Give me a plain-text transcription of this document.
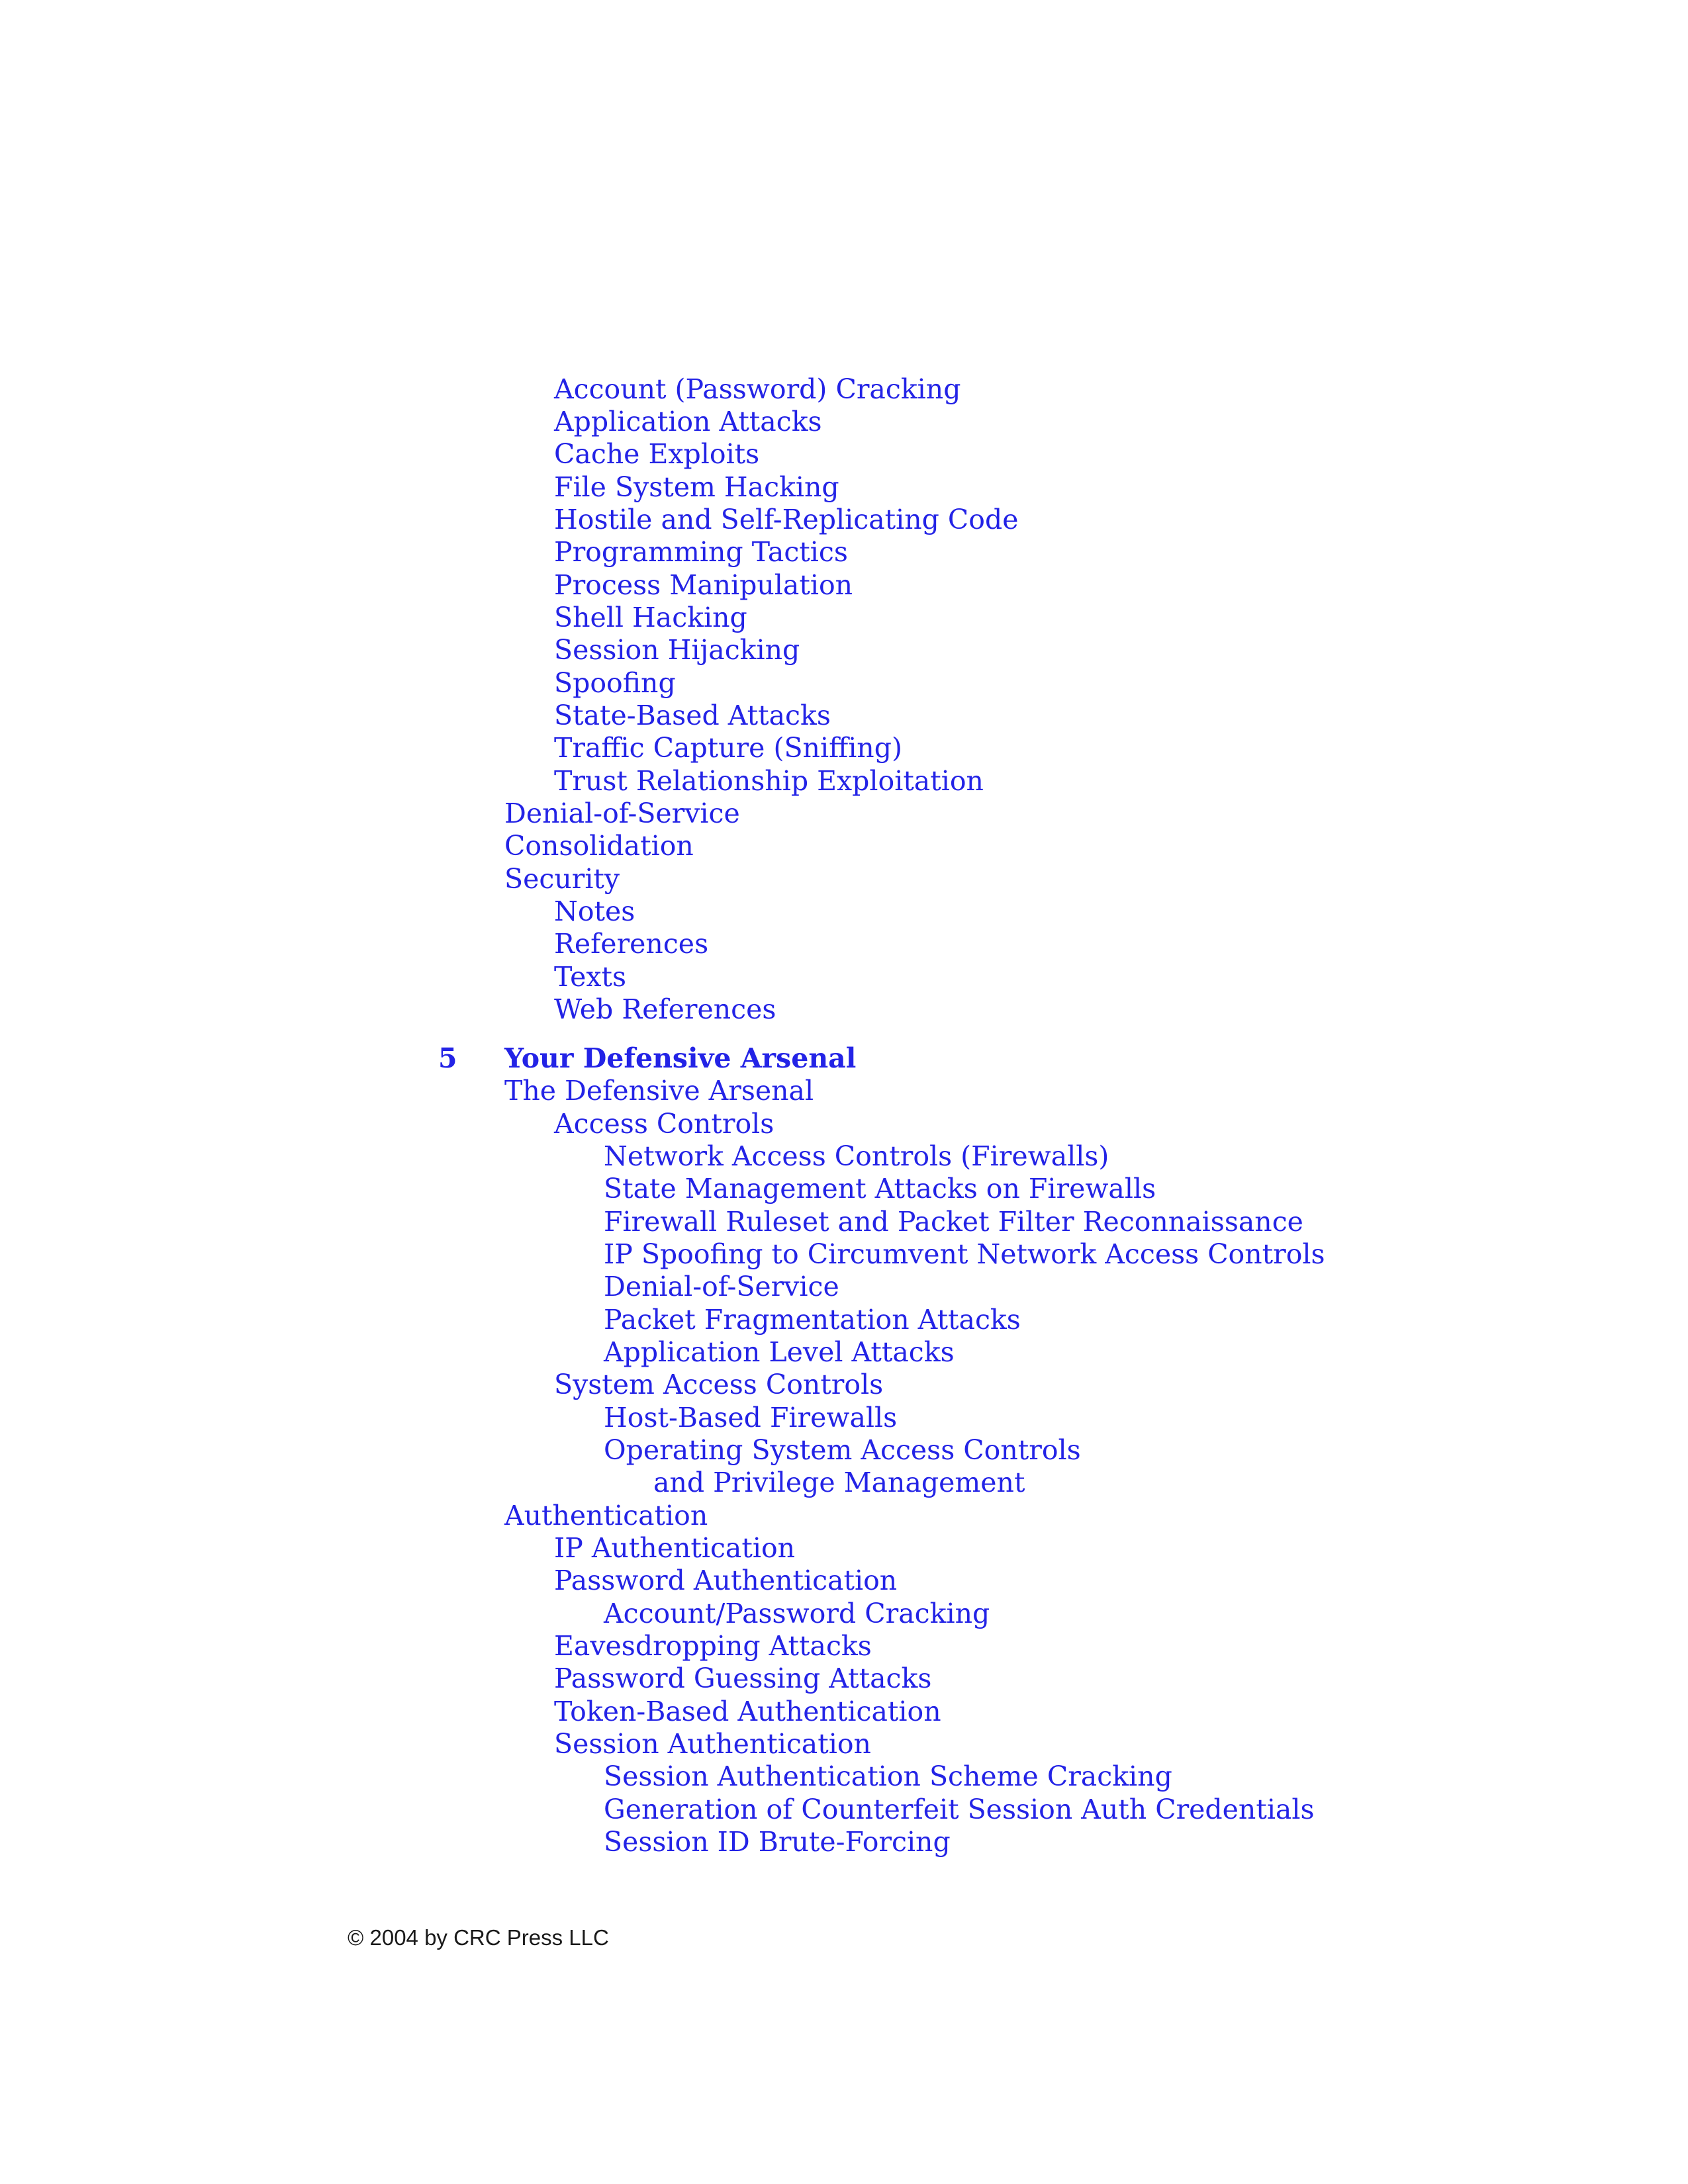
Account (Password) Cracking
Application Attacks
Cache Exploits
File System Hacking
Hostile and Self-Replicating Code
Programming Tactics
Process Manipulation
Shell Hacking
Session Hijacking
Spoofing
State-Based Attacks
Traffic Capture (Sniffing)
Trust Relationship Exploitation
Denial-of-Service
Consolidation
Security
Notes
References
Texts
Web References
5 Your Defensive Arsenal
The Defensive Arsenal
Access Controls
Network Access Controls (Firewalls)
State Management Attacks on Firewalls
Firewall Ruleset and Packet Filter Reconnaissance
IP Spoofing to Circumvent Network Access Controls
Denial-of-Service
Packet Fragmentation Attacks
Application Level Attacks
System Access Controls
Host-Based Firewalls
Operating System Access Controls
and Privilege Management
Authentication
IP Authentication
Password Authentication
Account/Password Cracking
Eavesdropping Attacks
Password Guessing Attacks
Token-Based Authentication
Session Authentication
Session Authentication Scheme Cracking
Generation of Counterfeit Session Auth Credentials
Session ID Brute-Forcing
© 2004 by CRC Press LLC
